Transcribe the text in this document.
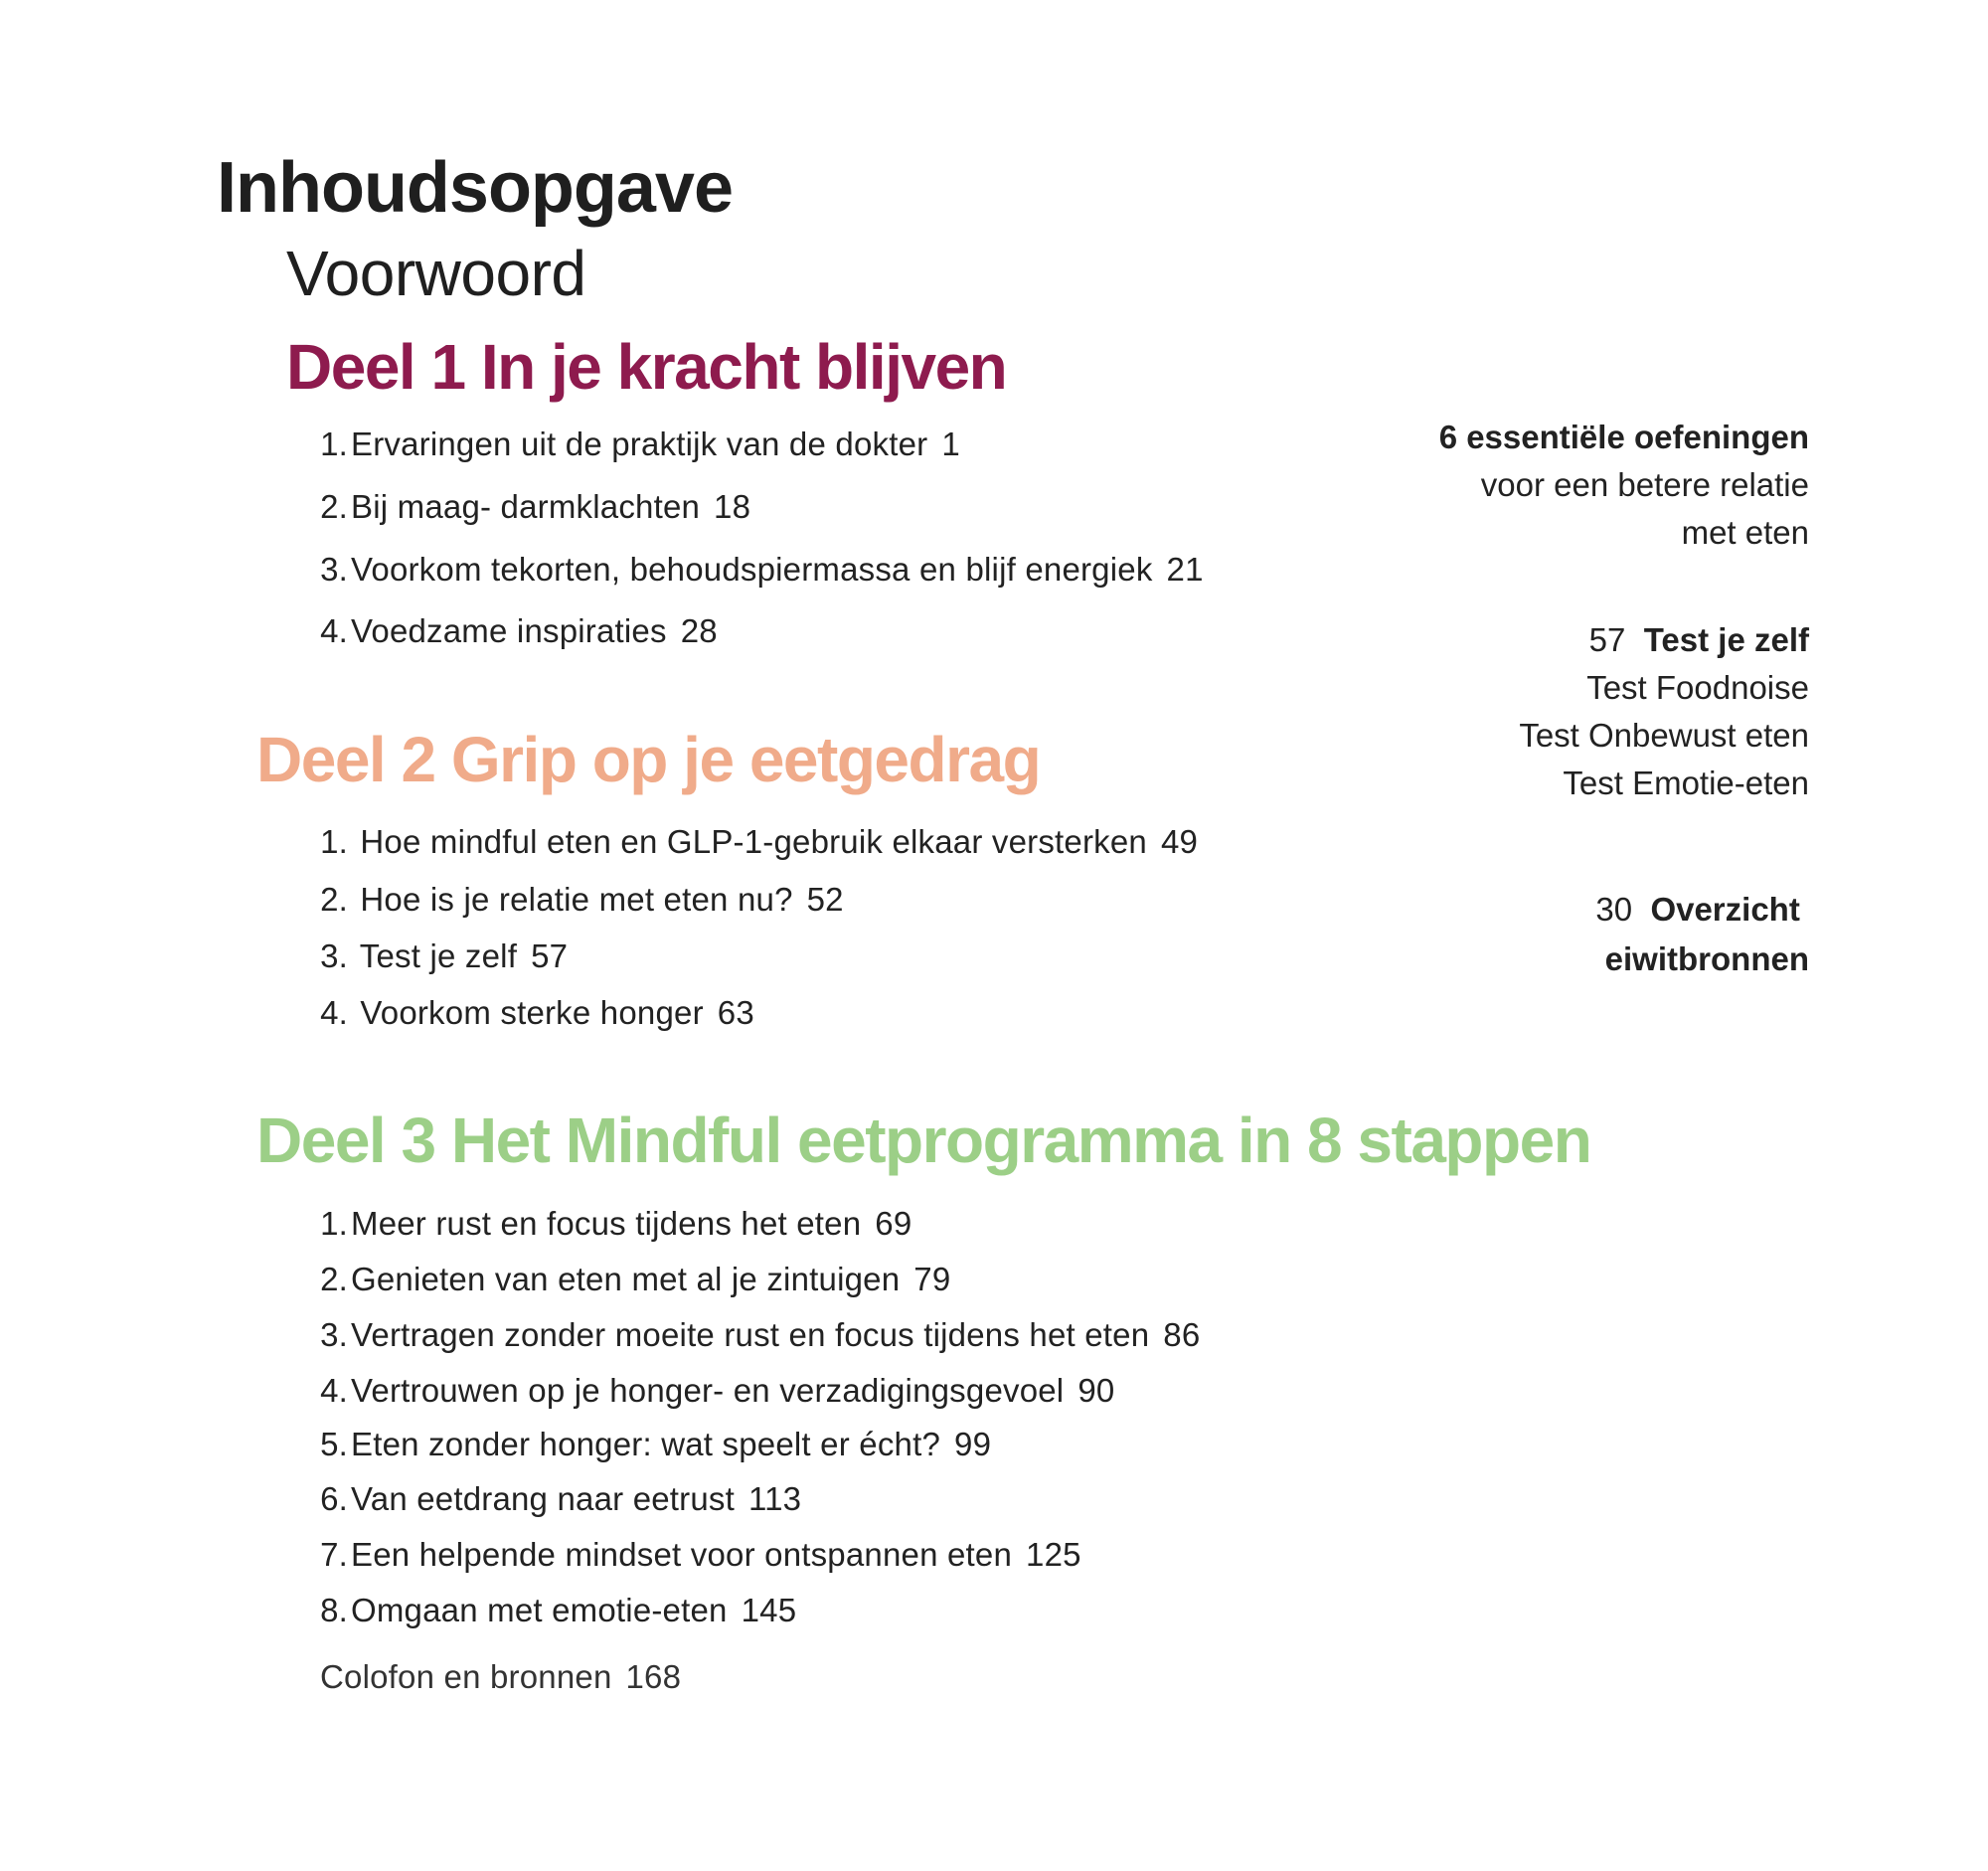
Inhoudsopgave
Voorwoord
Deel 1 In je kracht blijven
1.Ervaringen uit de praktijk van de dokter 1
2.Bij maag- darmklachten 18
3.Voorkom tekorten, behoudspiermassa en blijf energiek 21
4.Voedzame inspiraties 28
Deel 2 Grip op je eetgedrag
1. Hoe mindful eten en GLP-1-gebruik elkaar versterken 49
2. Hoe is je relatie met eten nu? 52
3. Test je zelf 57
4. Voorkom sterke honger 63
Deel 3 Het Mindful eetprogramma in 8 stappen
1.Meer rust en focus tijdens het eten 69
2.Genieten van eten met al je zintuigen 79
3.Vertragen zonder moeite rust en focus tijdens het eten 86
4.Vertrouwen op je honger- en verzadigingsgevoel 90
5.Eten zonder honger: wat speelt er écht? 99
6.Van eetdrang naar eetrust 113
7.Een helpende mindset voor ontspannen eten 125
8.Omgaan met emotie-eten 145
Colofon en bronnen 168
6 essentiële oefeningen
voor een betere relatie
met eten
57 Test je zelf
Test Foodnoise
Test Onbewust eten
Test Emotie-eten
30 Overzicht
eiwitbronnen
